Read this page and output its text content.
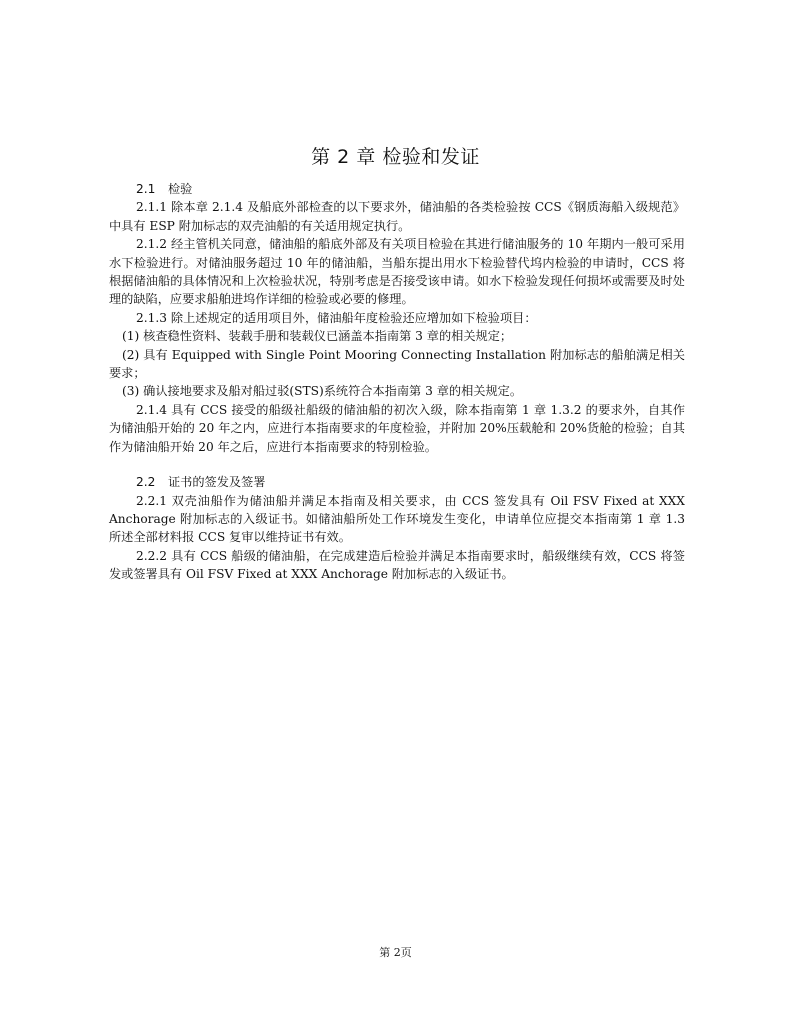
第 2 章 检验和发证
2.1 检验

2.1.1 除本章 2.1.4 及船底外部检查的以下要求外，储油船的各类检验按 CCS《钢质海船入级规范》中具有 ESP 附加标志的双壳油船的有关适用规定执行。

2.1.2 经主管机关同意，储油船的船底外部及有关项目检验在其进行储油服务的 10 年期内一般可采用水下检验进行。对储油服务超过 10 年的储油船，当船东提出用水下检验替代坞内检验的申请时，CCS 将根据储油船的具体情况和上次检验状况，特别考虑是否接受该申请。如水下检验发现任何损坏或需要及时处理的缺陷，应要求船舶进坞作详细的检验或必要的修理。

2.1.3 除上述规定的适用项目外，储油船年度检验还应增加如下检验项目：

(1) 核查稳性资料、装载手册和装载仪已涵盖本指南第 3 章的相关规定；

(2) 具有 Equipped with Single Point Mooring Connecting Installation 附加标志的船舶满足相关要求；

(3) 确认接地要求及船对船过驳(STS)系统符合本指南第 3 章的相关规定。

2.1.4 具有 CCS 接受的船级社船级的储油船的初次入级，除本指南第 1 章 1.3.2 的要求外，自其作为储油船开始的 20 年之内，应进行本指南要求的年度检验，并附加 20%压载舱和 20%货舱的检验；自其作为储油船开始 20 年之后，应进行本指南要求的特别检验。

2.2 证书的签发及签署

2.2.1 双壳油船作为储油船并满足本指南及相关要求，由 CCS 签发具有 Oil FSV Fixed at XXX Anchorage 附加标志的入级证书。如储油船所处工作环境发生变化，申请单位应提交本指南第 1 章 1.3 所述全部材料报 CCS 复审以维持证书有效。

2.2.2 具有 CCS 船级的储油船，在完成建造后检验并满足本指南要求时，船级继续有效，CCS 将签发或签署具有 Oil FSV Fixed at XXX Anchorage 附加标志的入级证书。

第 2页
